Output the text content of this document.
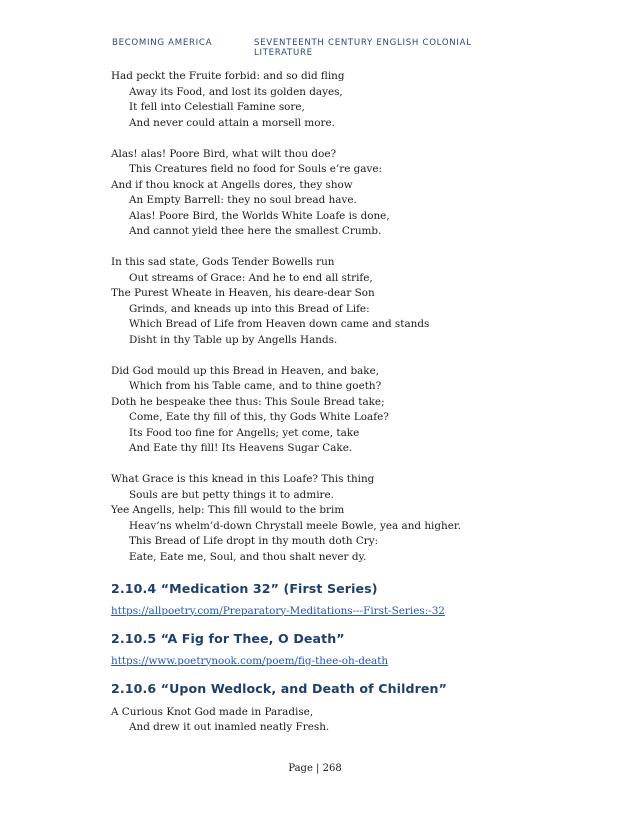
BECOMING AMERICA	SEVENTEENTH CENTURY ENGLISH COLONIAL LITERATURE
Had peckt the Fruite forbid: and so did fling
Away its Food, and lost its golden dayes,
It fell into Celestiall Famine sore,
And never could attain a morsell more.
Alas! alas! Poore Bird, what wilt thou doe?
This Creatures field no food for Souls e’re gave:
And if thou knock at Angells dores, they show
An Empty Barrell: they no soul bread have.
Alas! Poore Bird, the Worlds White Loafe is done,
And cannot yield thee here the smallest Crumb.
In this sad state, Gods Tender Bowells run
Out streams of Grace: And he to end all strife,
The Purest Wheate in Heaven, his deare-dear Son
Grinds, and kneads up into this Bread of Life:
Which Bread of Life from Heaven down came and stands
Disht in thy Table up by Angells Hands.
Did God mould up this Bread in Heaven, and bake,
Which from his Table came, and to thine goeth?
Doth he bespeake thee thus: This Soule Bread take;
Come, Eate thy fill of this, thy Gods White Loafe?
Its Food too fine for Angells; yet come, take
And Eate thy fill! Its Heavens Sugar Cake.
What Grace is this knead in this Loafe? This thing
Souls are but petty things it to admire.
Yee Angells, help: This fill would to the brim
Heav’ns whelm’d-down Chrystall meele Bowle, yea and higher.
This Bread of Life dropt in thy mouth doth Cry:
Eate, Eate me, Soul, and thou shalt never dy.
2.10.4 “Medication 32” (First Series)
https://allpoetry.com/Preparatory-Meditations---First-Series:-32
2.10.5 “A Fig for Thee, O Death”
https://www.poetrynook.com/poem/fig-thee-oh-death
2.10.6 “Upon Wedlock, and Death of Children”
A Curious Knot God made in Paradise,
And drew it out inamled neatly Fresh.
Page | 268
